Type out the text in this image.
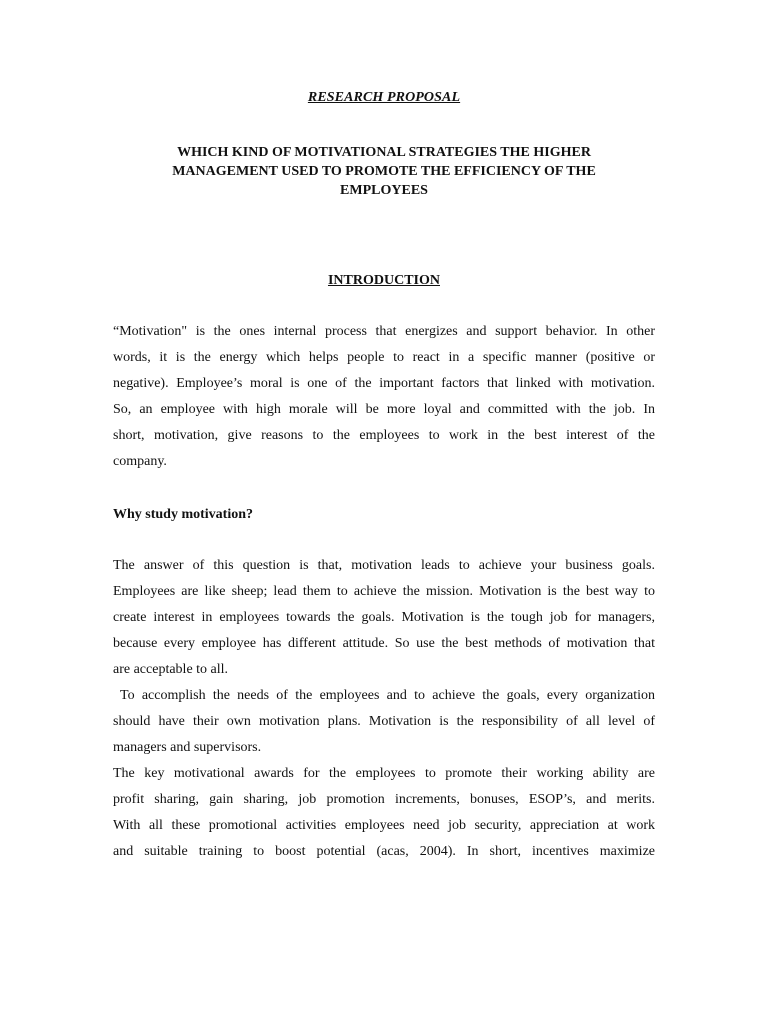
RESEARCH PROPOSAL
WHICH KIND OF MOTIVATIONAL STRATEGIES THE HIGHER
MANAGEMENT USED TO PROMOTE THE EFFICIENCY OF THE
EMPLOYEES
INTRODUCTION
“Motivation" is the ones internal process that energizes and support behavior. In other
words, it is the energy which helps people to react in a specific manner (positive or
negative). Employee’s moral is one of the important factors that linked with motivation.
So, an employee with high morale will be more loyal and committed with the job. In
short, motivation, give reasons to the employees to work in the best interest of the
company.
Why study motivation?
The answer of this question is that, motivation leads to achieve your business goals.
Employees are like sheep; lead them to achieve the mission. Motivation is the best way to
create interest in employees towards the goals. Motivation is the tough job for managers,
because every employee has different attitude. So use the best methods of motivation that
are acceptable to all.
To accomplish the needs of the employees and to achieve the goals, every organization
should have their own motivation plans. Motivation is the responsibility of all level of
managers and supervisors.
The key motivational awards for the employees to promote their working ability are
profit sharing, gain sharing, job promotion increments, bonuses, ESOP’s, and merits.
With all these promotional activities employees need job security, appreciation at work
and suitable training to boost potential (acas, 2004). In short, incentives maximize
